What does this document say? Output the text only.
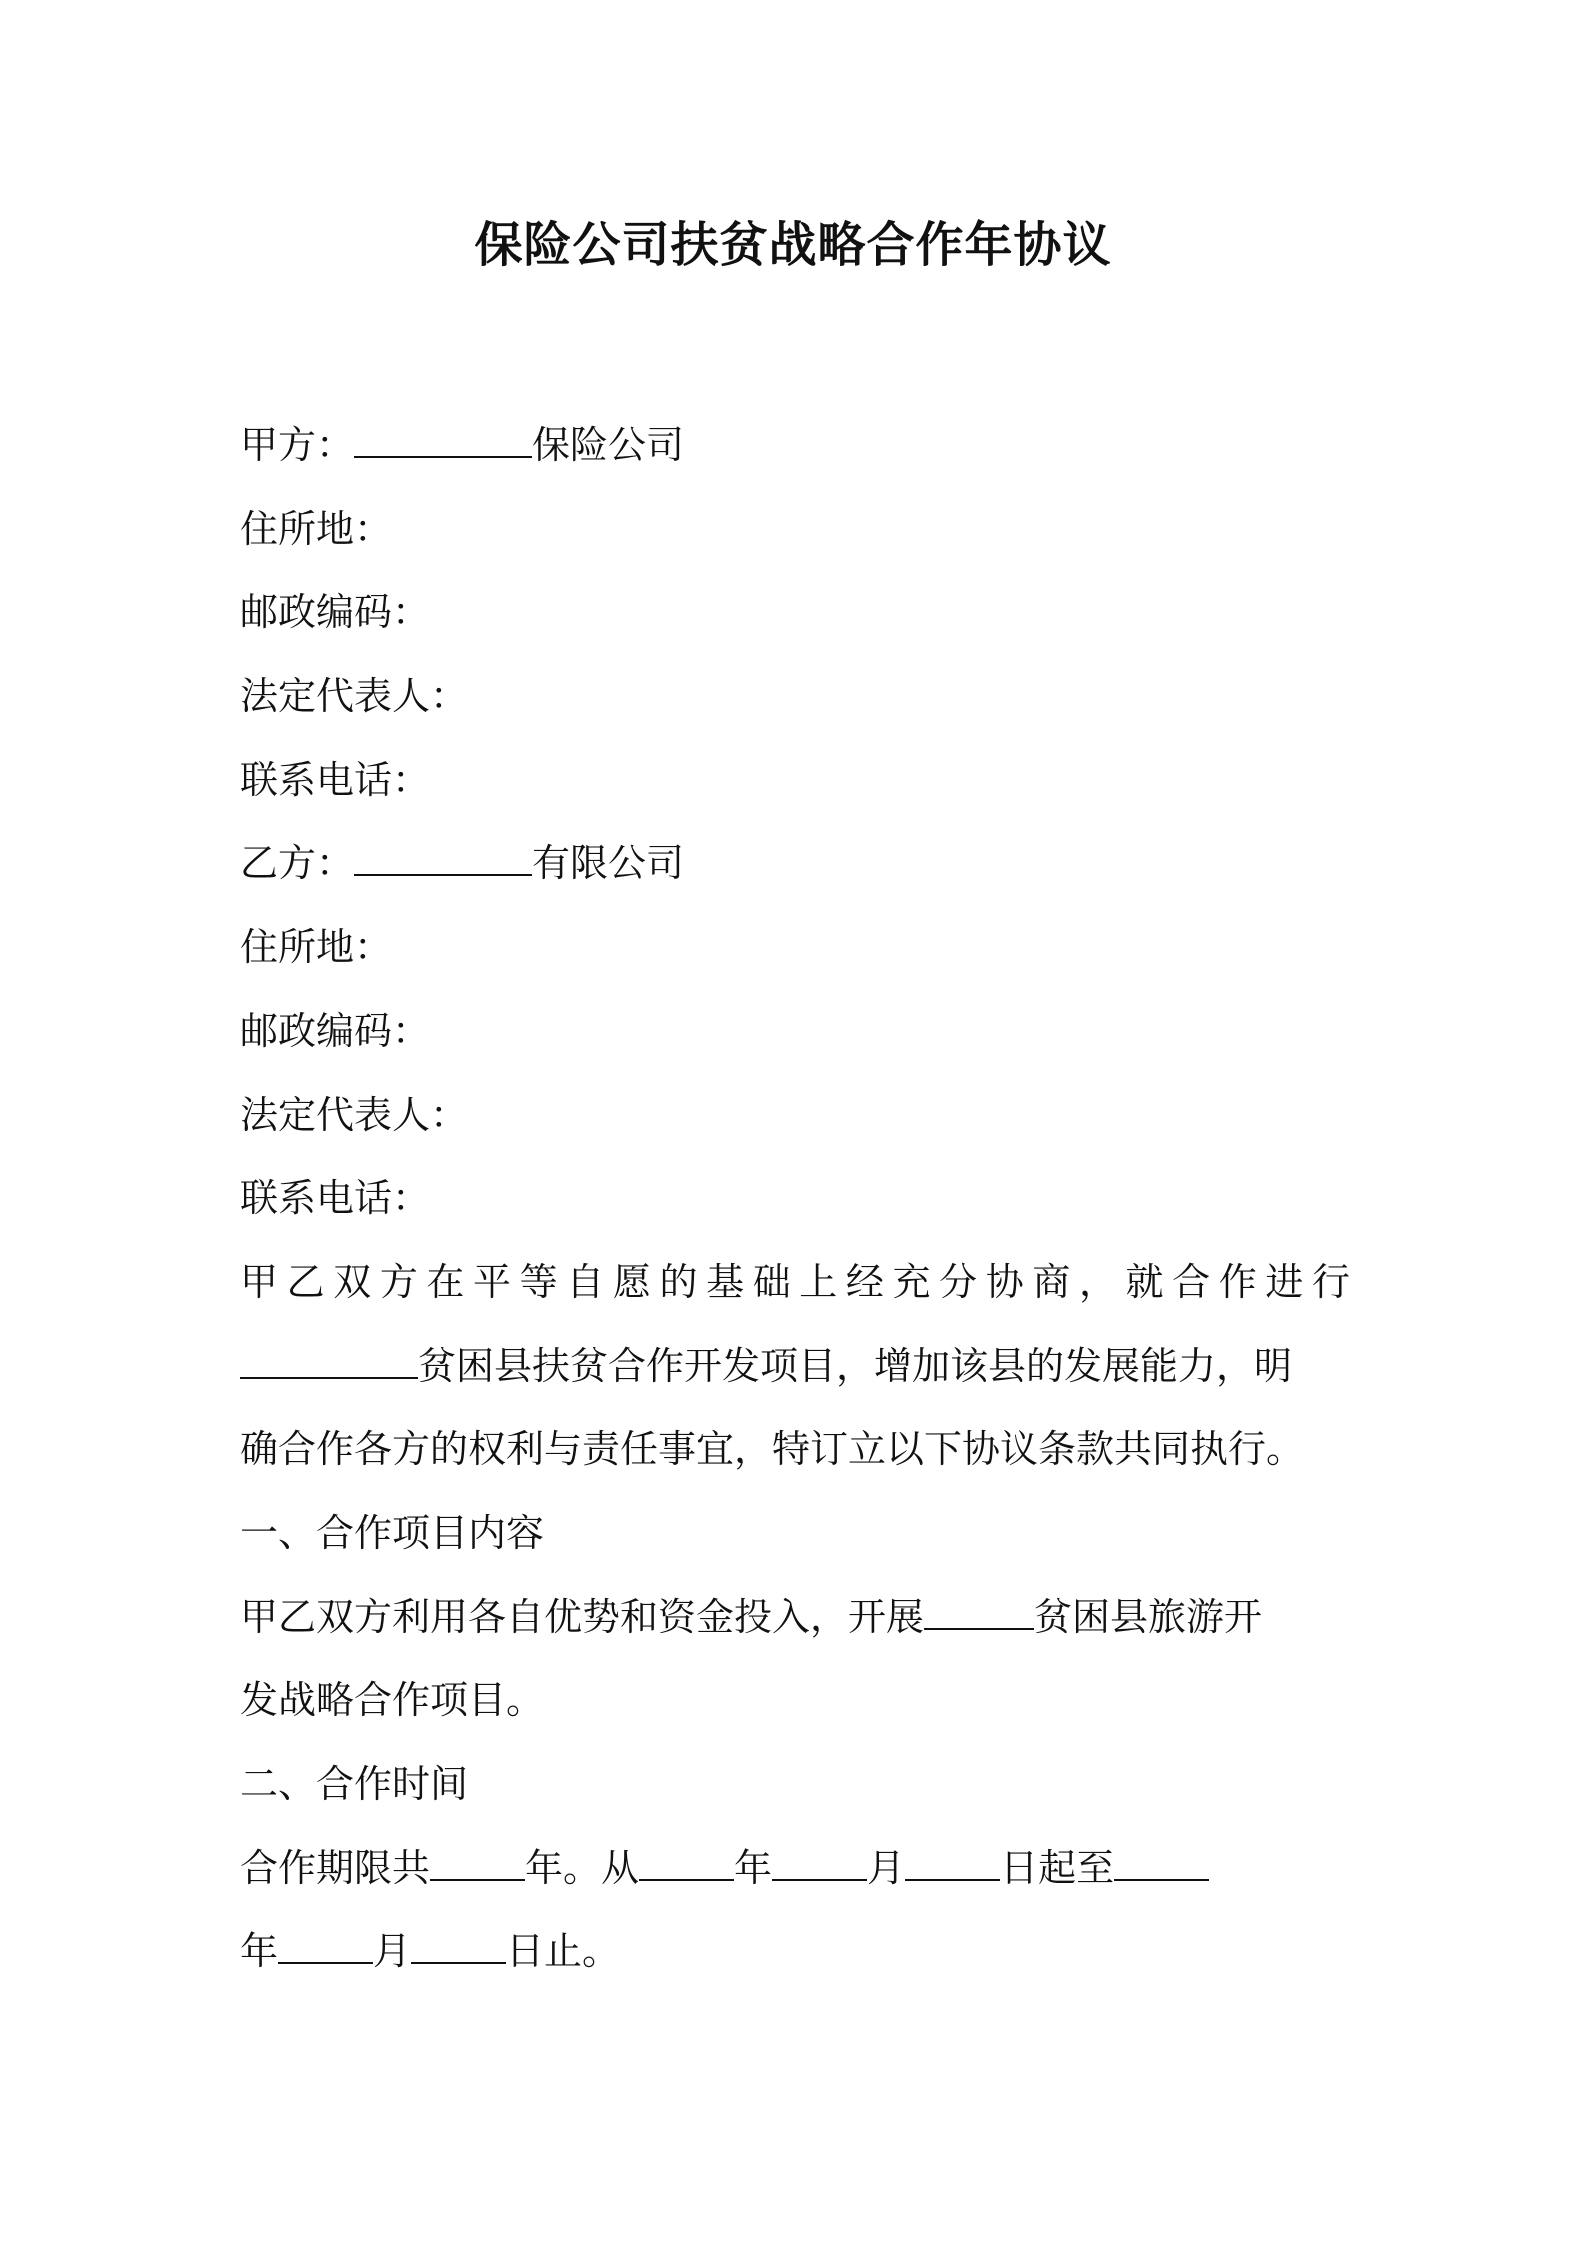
保险公司扶贫战略合作年协议
甲方：	保险公司
住所地：
邮政编码：
法定代表人：
联系电话：
乙方：	有限公司
住所地：
邮政编码：
法定代表人：
联系电话：
甲乙双方在平等自愿的基础上经充分协商，就合作进行
贫困县扶贫合作开发项目，增加该县的发展能力，明
确合作各方的权利与责任事宜，特订立以下协议条款共同执行。
一、合作项目内容
甲乙双方利用各自优势和资金投入，开展	贫困县旅游开
发战略合作项目。
二、合作时间
合作期限共	年。从	年	月	日起至
年	月	日止。
